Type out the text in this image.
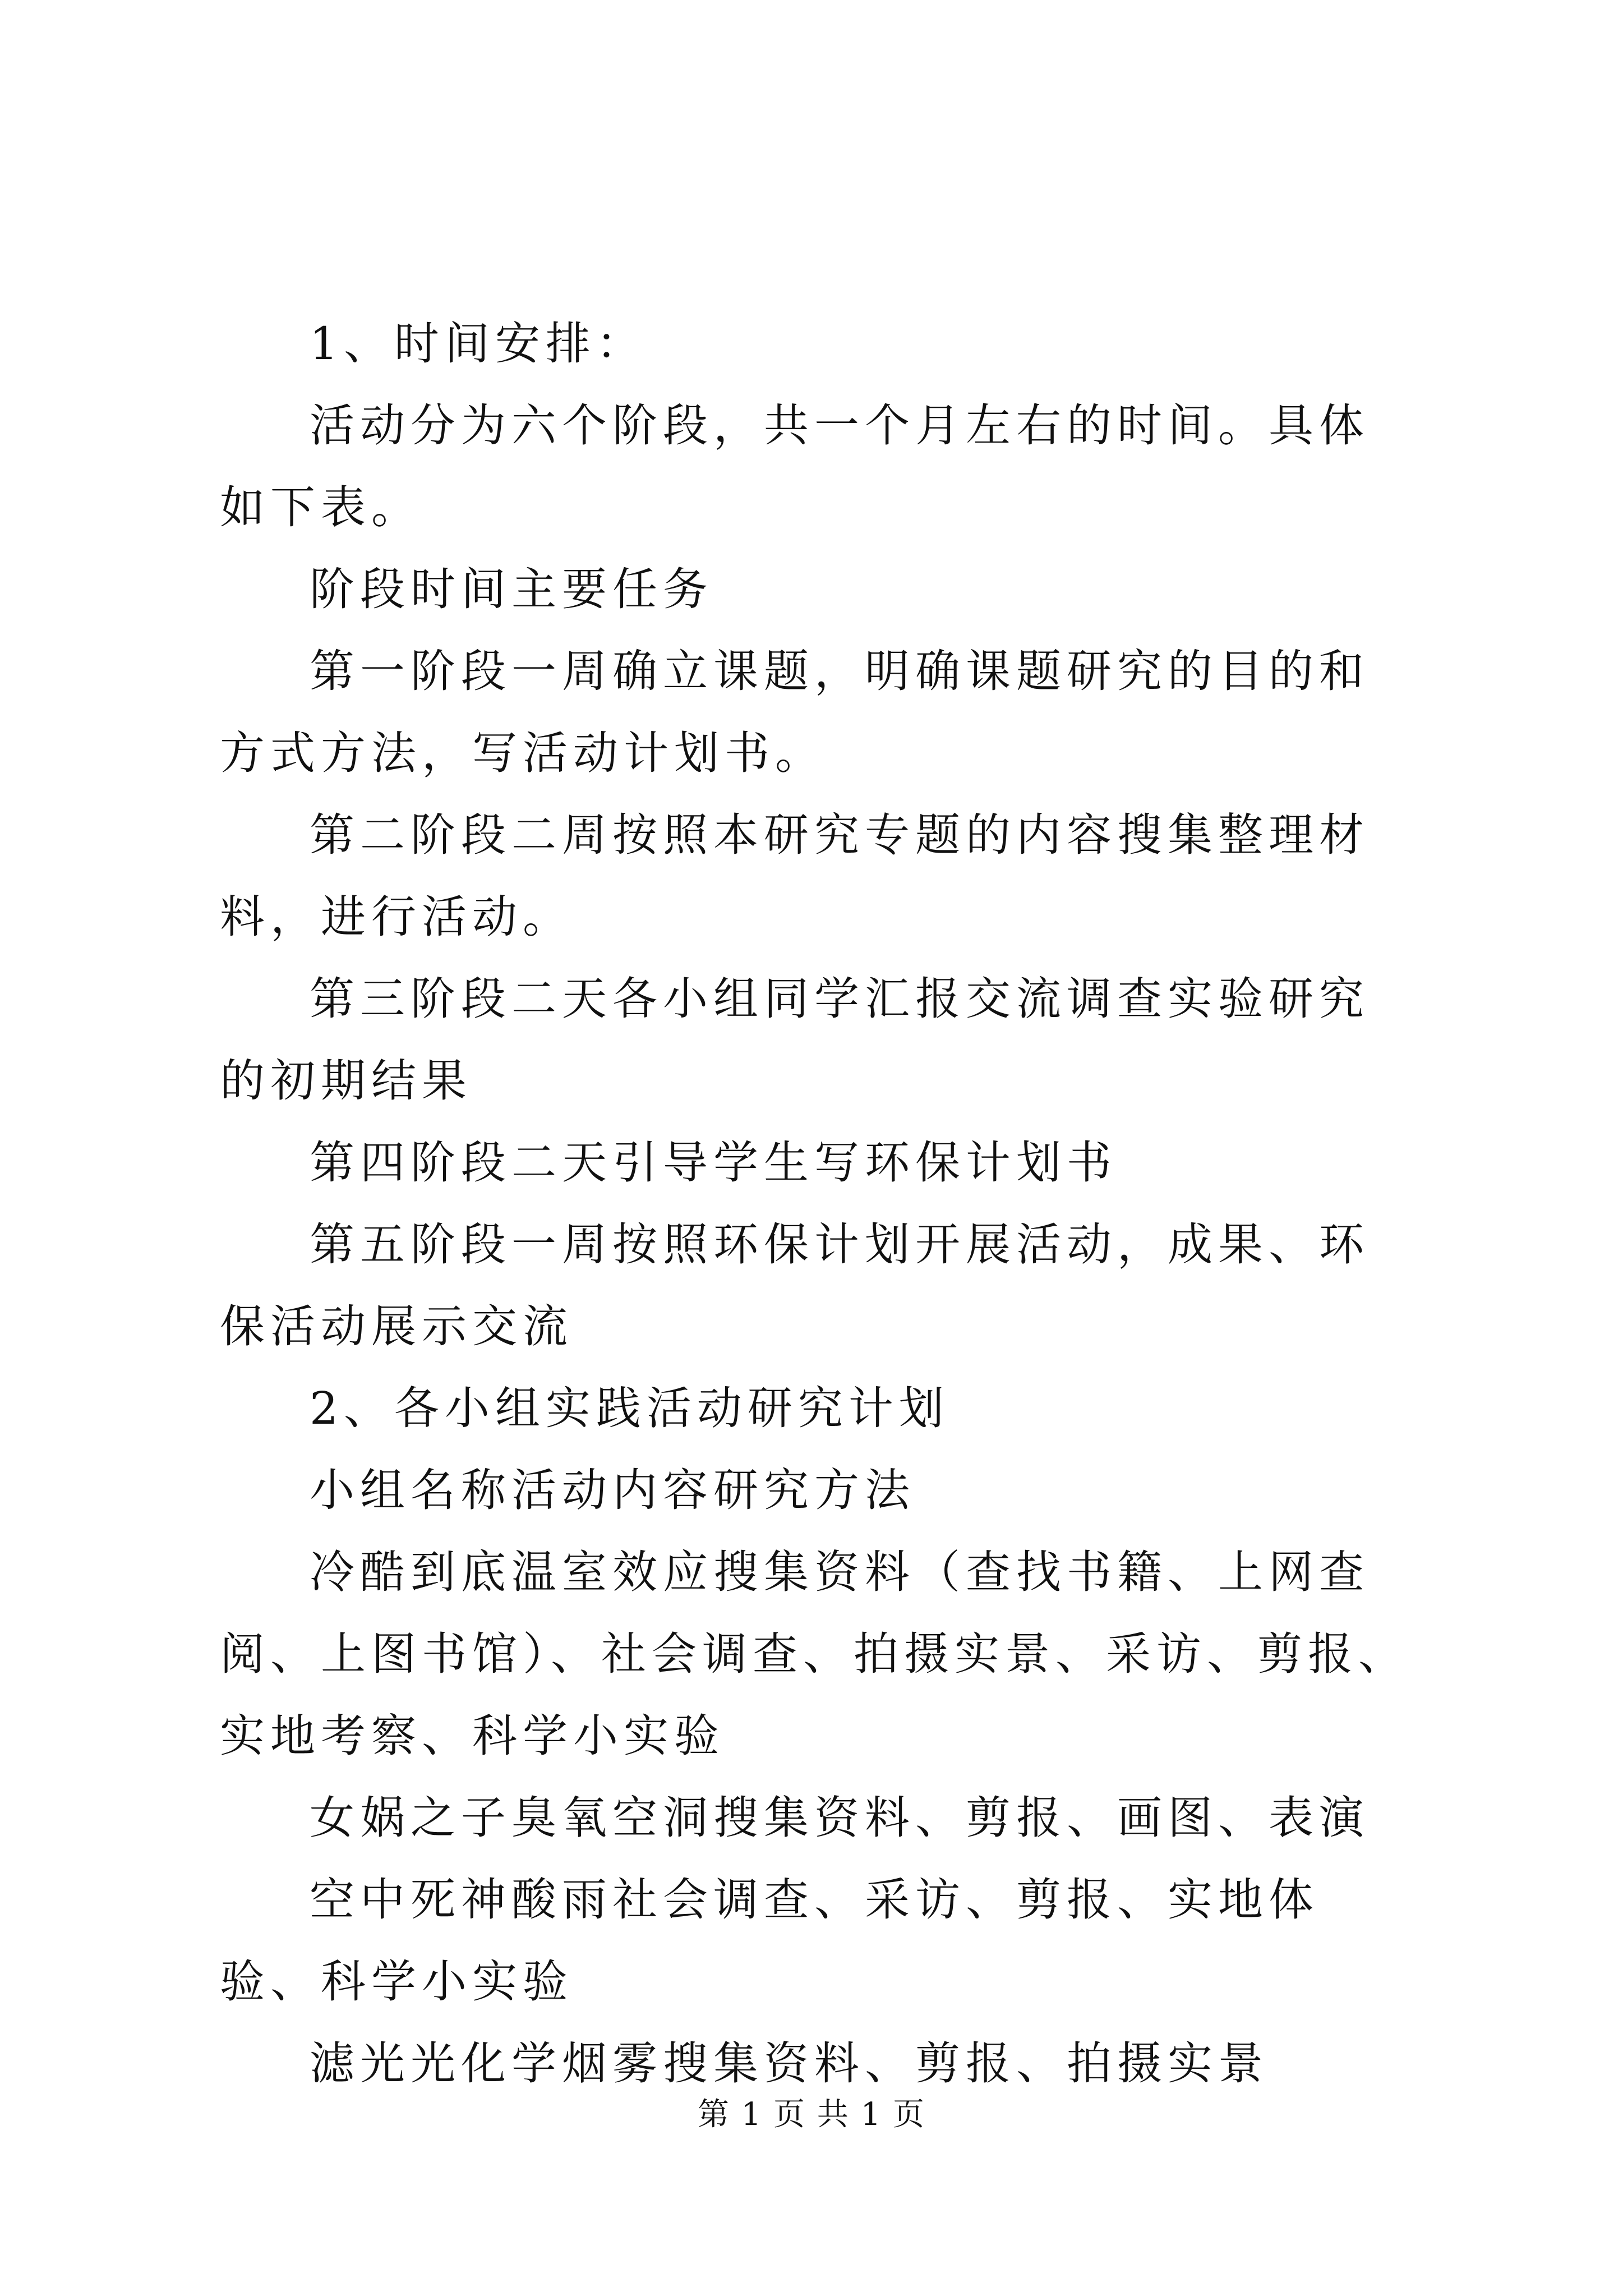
1、时间安排：

活动分为六个阶段，共一个月左右的时间。具体如下表。

阶段时间主要任务

第一阶段一周确立课题，明确课题研究的目的和方式方法，写活动计划书。

第二阶段二周按照本研究专题的内容搜集整理材料，进行活动。

第三阶段二天各小组同学汇报交流调查实验研究的初期结果

第四阶段二天引导学生写环保计划书

第五阶段一周按照环保计划开展活动，成果、环保活动展示交流

2、各小组实践活动研究计划

小组名称活动内容研究方法

冷酷到底温室效应搜集资料（查找书籍、上网查阅、上图书馆）、社会调查、拍摄实景、采访、剪报、实地考察、科学小实验

女娲之子臭氧空洞搜集资料、剪报、画图、表演

空中死神酸雨社会调查、采访、剪报、实地体验、科学小实验

滤光光化学烟雾搜集资料、剪报、拍摄实景

第 1 页 共 1 页
